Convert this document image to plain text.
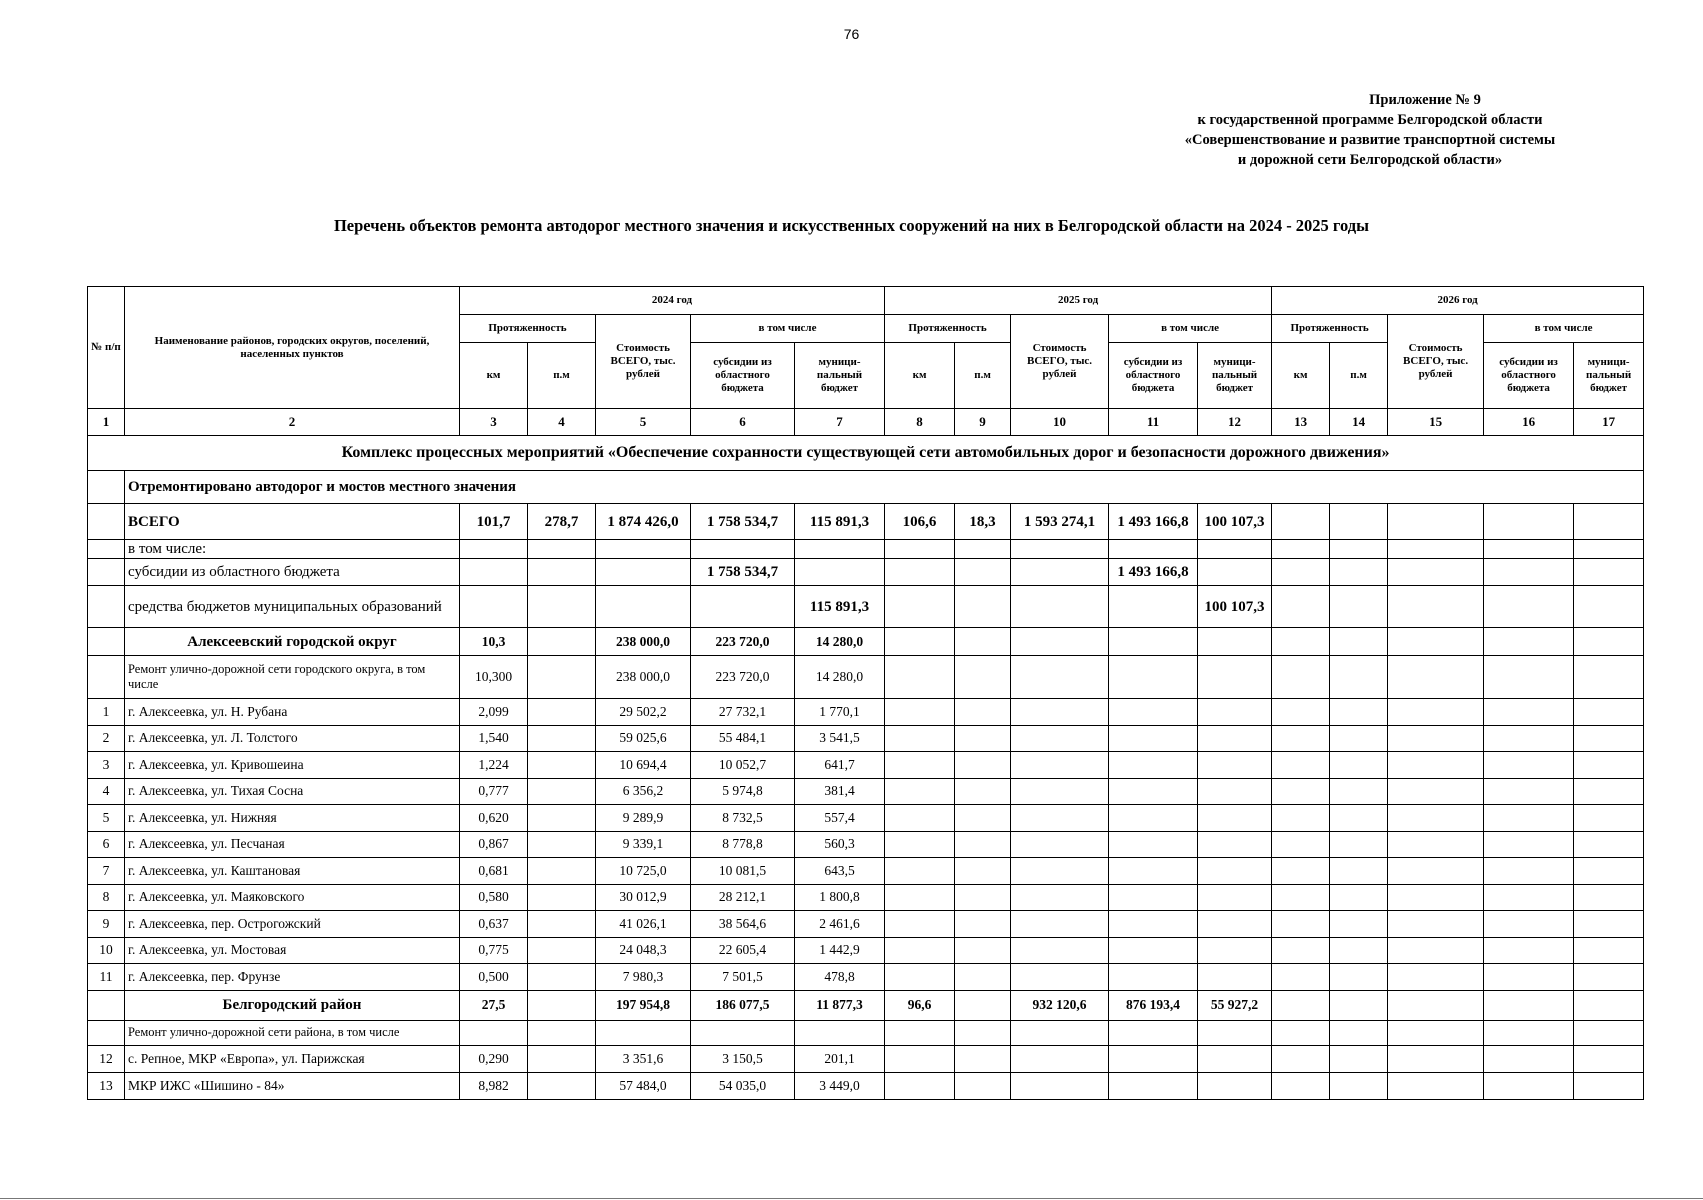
76
Приложение № 9
к государственной программе Белгородской области
«Совершенствование и развитие транспортной системы
и дорожной сети Белгородской области»
Перечень объектов ремонта автодорог местного значения и искусственных сооружений на них в Белгородской области на 2024 - 2025 годы
№ п/п	Наименование районов, городских округов, поселений, населенных пунктов	2024 год					2025 год					2026 год				
		Протяженность		Стоимость ВСЕГО, тыс. рублей	в том числе		Протяженность		Стоимость ВСЕГО, тыс. рублей	в том числе		Протяженность		Стоимость ВСЕГО, тыс. рублей	в том числе	
		км	п.м		субсидии из областного бюджета	муници-пальный бюджет	км	п.м		субсидии из областного бюджета	муници-пальный бюджет	км	п.м		субсидии из областного бюджета	муници-пальный бюджет
1	2	3	4	5	6	7	8	9	10	11	12	13	14	15	16	17
Комплекс процессных мероприятий «Обеспечение сохранности существующей сети автомобильных дорог и безопасности дорожного движения»																
	Отремонтировано автодорог и мостов местного значения															
	ВСЕГО	101,7	278,7	1 874 426,0	1 758 534,7	115 891,3	106,6	18,3	1 593 274,1	1 493 166,8	100 107,3					
	в том числе:															
	субсидии из областного бюджета				1 758 534,7					1 493 166,8						
	средства бюджетов муниципальных образований					115 891,3					100 107,3					
	Алексеевский городской округ	10,3		238 000,0	223 720,0	14 280,0										
	Ремонт улично-дорожной сети городского округа, в том числе	10,300		238 000,0	223 720,0	14 280,0										
1	г. Алексеевка, ул. Н. Рубана	2,099		29 502,2	27 732,1	1 770,1										
2	г. Алексеевка, ул. Л. Толстого	1,540		59 025,6	55 484,1	3 541,5										
3	г. Алексеевка, ул. Кривошеина	1,224		10 694,4	10 052,7	641,7										
4	г. Алексеевка, ул. Тихая Сосна	0,777		6 356,2	5 974,8	381,4										
5	г. Алексеевка, ул. Нижняя	0,620		9 289,9	8 732,5	557,4										
6	г. Алексеевка, ул. Песчаная	0,867		9 339,1	8 778,8	560,3										
7	г. Алексеевка, ул. Каштановая	0,681		10 725,0	10 081,5	643,5										
8	г. Алексеевка, ул. Маяковского	0,580		30 012,9	28 212,1	1 800,8										
9	г. Алексеевка, пер. Острогожский	0,637		41 026,1	38 564,6	2 461,6										
10	г. Алексеевка, ул. Мостовая	0,775		24 048,3	22 605,4	1 442,9										
11	г. Алексеевка, пер. Фрунзе	0,500		7 980,3	7 501,5	478,8										
	Белгородский район	27,5		197 954,8	186 077,5	11 877,3	96,6		932 120,6	876 193,4	55 927,2					
	Ремонт улично-дорожной сети района, в том числе															
12	с. Репное, МКР «Европа», ул. Парижская	0,290		3 351,6	3 150,5	201,1										
13	МКР ИЖС «Шишино - 84»	8,982		57 484,0	54 035,0	3 449,0										
